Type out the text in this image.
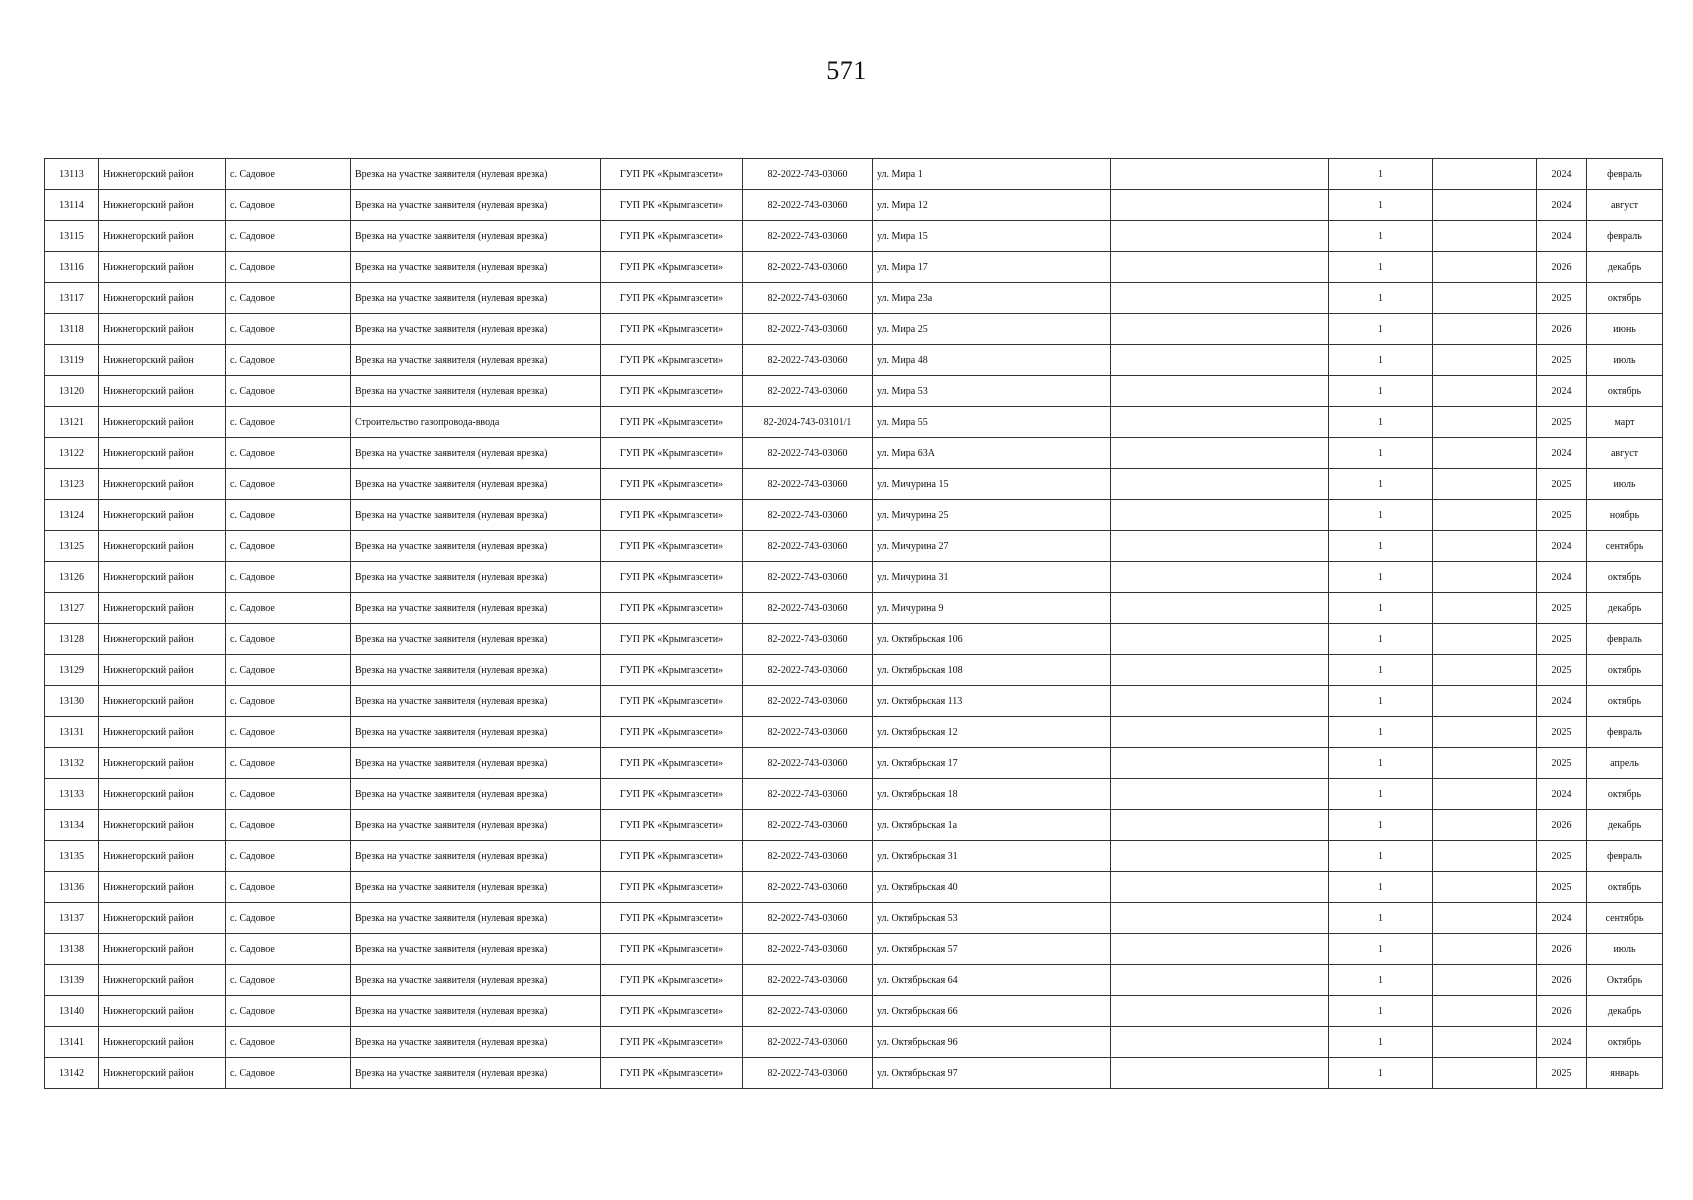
571
13113	Нижнегорский район	с. Садовое	Врезка на участке заявителя (нулевая врезка)	ГУП РК «Крымгазсети»	82-2022-743-03060	ул. Мира 1		1		2024	февраль
13114	Нижнегорский район	с. Садовое	Врезка на участке заявителя (нулевая врезка)	ГУП РК «Крымгазсети»	82-2022-743-03060	ул. Мира 12		1		2024	август
13115	Нижнегорский район	с. Садовое	Врезка на участке заявителя (нулевая врезка)	ГУП РК «Крымгазсети»	82-2022-743-03060	ул. Мира 15		1		2024	февраль
13116	Нижнегорский район	с. Садовое	Врезка на участке заявителя (нулевая врезка)	ГУП РК «Крымгазсети»	82-2022-743-03060	ул. Мира 17		1		2026	декабрь
13117	Нижнегорский район	с. Садовое	Врезка на участке заявителя (нулевая врезка)	ГУП РК «Крымгазсети»	82-2022-743-03060	ул. Мира 23а		1		2025	октябрь
13118	Нижнегорский район	с. Садовое	Врезка на участке заявителя (нулевая врезка)	ГУП РК «Крымгазсети»	82-2022-743-03060	ул. Мира 25		1		2026	июнь
13119	Нижнегорский район	с. Садовое	Врезка на участке заявителя (нулевая врезка)	ГУП РК «Крымгазсети»	82-2022-743-03060	ул. Мира 48		1		2025	июль
13120	Нижнегорский район	с. Садовое	Врезка на участке заявителя (нулевая врезка)	ГУП РК «Крымгазсети»	82-2022-743-03060	ул. Мира 53		1		2024	октябрь
13121	Нижнегорский район	с. Садовое	Строительство газопровода-ввода	ГУП РК «Крымгазсети»	82-2024-743-03101/1	ул. Мира 55		1		2025	март
13122	Нижнегорский район	с. Садовое	Врезка на участке заявителя (нулевая врезка)	ГУП РК «Крымгазсети»	82-2022-743-03060	ул. Мира 63А		1		2024	август
13123	Нижнегорский район	с. Садовое	Врезка на участке заявителя (нулевая врезка)	ГУП РК «Крымгазсети»	82-2022-743-03060	ул. Мичурина 15		1		2025	июль
13124	Нижнегорский район	с. Садовое	Врезка на участке заявителя (нулевая врезка)	ГУП РК «Крымгазсети»	82-2022-743-03060	ул. Мичурина 25		1		2025	ноябрь
13125	Нижнегорский район	с. Садовое	Врезка на участке заявителя (нулевая врезка)	ГУП РК «Крымгазсети»	82-2022-743-03060	ул. Мичурина 27		1		2024	сентябрь
13126	Нижнегорский район	с. Садовое	Врезка на участке заявителя (нулевая врезка)	ГУП РК «Крымгазсети»	82-2022-743-03060	ул. Мичурина 31		1		2024	октябрь
13127	Нижнегорский район	с. Садовое	Врезка на участке заявителя (нулевая врезка)	ГУП РК «Крымгазсети»	82-2022-743-03060	ул. Мичурина 9		1		2025	декабрь
13128	Нижнегорский район	с. Садовое	Врезка на участке заявителя (нулевая врезка)	ГУП РК «Крымгазсети»	82-2022-743-03060	ул. Октябрьская 106		1		2025	февраль
13129	Нижнегорский район	с. Садовое	Врезка на участке заявителя (нулевая врезка)	ГУП РК «Крымгазсети»	82-2022-743-03060	ул. Октябрьская 108		1		2025	октябрь
13130	Нижнегорский район	с. Садовое	Врезка на участке заявителя (нулевая врезка)	ГУП РК «Крымгазсети»	82-2022-743-03060	ул. Октябрьская 113		1		2024	октябрь
13131	Нижнегорский район	с. Садовое	Врезка на участке заявителя (нулевая врезка)	ГУП РК «Крымгазсети»	82-2022-743-03060	ул. Октябрьская 12		1		2025	февраль
13132	Нижнегорский район	с. Садовое	Врезка на участке заявителя (нулевая врезка)	ГУП РК «Крымгазсети»	82-2022-743-03060	ул. Октябрьская 17		1		2025	апрель
13133	Нижнегорский район	с. Садовое	Врезка на участке заявителя (нулевая врезка)	ГУП РК «Крымгазсети»	82-2022-743-03060	ул. Октябрьская 18		1		2024	октябрь
13134	Нижнегорский район	с. Садовое	Врезка на участке заявителя (нулевая врезка)	ГУП РК «Крымгазсети»	82-2022-743-03060	ул. Октябрьская 1а		1		2026	декабрь
13135	Нижнегорский район	с. Садовое	Врезка на участке заявителя (нулевая врезка)	ГУП РК «Крымгазсети»	82-2022-743-03060	ул. Октябрьская 31		1		2025	февраль
13136	Нижнегорский район	с. Садовое	Врезка на участке заявителя (нулевая врезка)	ГУП РК «Крымгазсети»	82-2022-743-03060	ул. Октябрьская 40		1		2025	октябрь
13137	Нижнегорский район	с. Садовое	Врезка на участке заявителя (нулевая врезка)	ГУП РК «Крымгазсети»	82-2022-743-03060	ул. Октябрьская 53		1		2024	сентябрь
13138	Нижнегорский район	с. Садовое	Врезка на участке заявителя (нулевая врезка)	ГУП РК «Крымгазсети»	82-2022-743-03060	ул. Октябрьская 57		1		2026	июль
13139	Нижнегорский район	с. Садовое	Врезка на участке заявителя (нулевая врезка)	ГУП РК «Крымгазсети»	82-2022-743-03060	ул. Октябрьская 64		1		2026	Октябрь
13140	Нижнегорский район	с. Садовое	Врезка на участке заявителя (нулевая врезка)	ГУП РК «Крымгазсети»	82-2022-743-03060	ул. Октябрьская 66		1		2026	декабрь
13141	Нижнегорский район	с. Садовое	Врезка на участке заявителя (нулевая врезка)	ГУП РК «Крымгазсети»	82-2022-743-03060	ул. Октябрьская 96		1		2024	октябрь
13142	Нижнегорский район	с. Садовое	Врезка на участке заявителя (нулевая врезка)	ГУП РК «Крымгазсети»	82-2022-743-03060	ул. Октябрьская 97		1		2025	январь
